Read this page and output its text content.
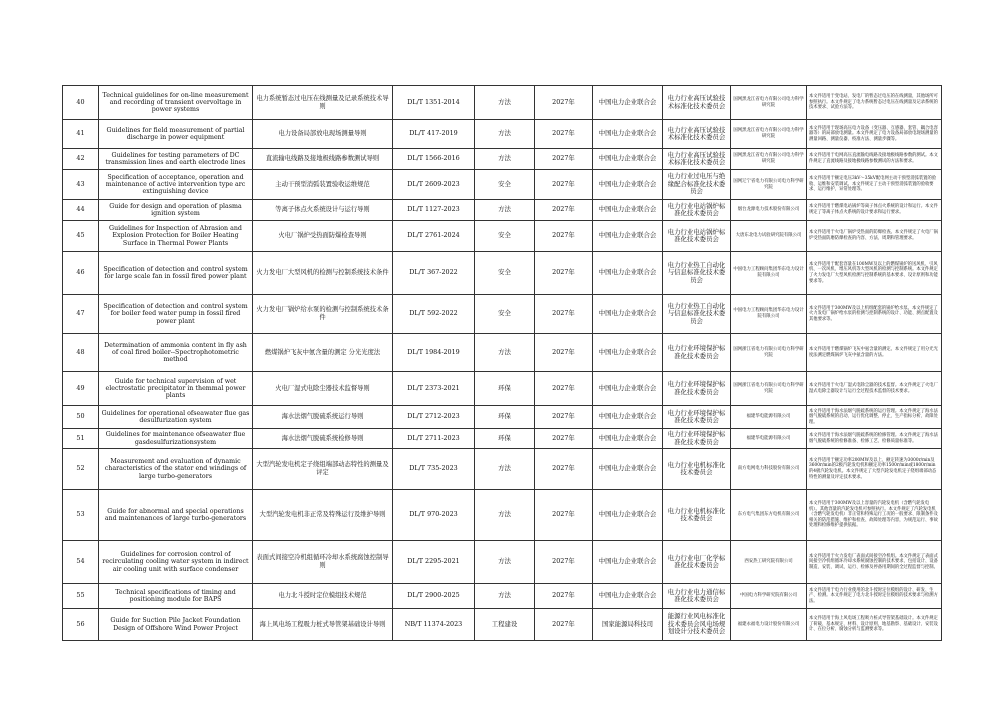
40	Technical guidelines for on-line measurement and recording of transient overvoltage in power systems	电力系统暂态过电压在线测量及记录系统技术导则	DL/T 1351-2014	方法	2027年	中国电力企业联合会	电力行业高压试验技术标准化技术委员会	国网黑龙江省电力有限公司电力科学研究院	本文件适用于变电站、发电厂的暂态过电压的在线测量，其他场所可参照执行。本文件规定了电力系统暂态过电压在线测量及记录系统的技术要求、试验方法等。
41	Guidelines for field measurement of partial discharge in power equipment	电力设备局部放电现场测量导则	DL/T 417-2019	方法	2027年	中国电力企业联合会	电力行业高压试验技术标准化技术委员会	国网黑龙江省电力有限公司电力科学研究院	本文件适用于现场高压电力设备（变压器、互感器、套管、耦合电容器等）的局部放电测量。本文件规定了电力设备局部放电现场测量的测量回路、测量仪器、校准方法、测量步骤等。
42	Guidelines for testing parameters of DC transmission lines and earth electrode lines	直流输电线路及接地极线路参数测试导则	DL/T 1566-2016	方法	2027年	中国电力企业联合会	电力行业高压试验技术标准化技术委员会	国网黑龙江省电力有限公司电力科学研究院	本文件适用于电网高压直流输电线路及接地极线路参数的测试。本文件规定了直流线路及接地极线路参数测试的方法和要求。
43	Specification of acceptance, operation and maintenance of active intervention type arc extinguishing device	主动干预型消弧装置验收运维规范	DL/T 2609-2023	安全	2027年	中国电力企业联合会	电力行业过电压与绝缘配合标准化技术委员会	国网辽宁省电力有限公司电力科学研究院	本文件适用于额定电压3kV～35kV配电网主动干预型消弧装置的验收、运维和安装调试。本文件规定了主动干预型消弧装置的验收要求、运行维护、异常处理等。
44	Guide for design and operation of plasma ignition system	等离子体点火系统设计与运行导则	DL/T 1127-2023	方法	2027年	中国电力企业联合会	电力行业电站锅炉标准化技术委员会	烟台龙源电力技术股份有限公司	本文件适用于燃煤电站锅炉等离子体点火系统的设计和运行。本文件规定了等离子体点火系统的设计要求和运行要求。
45	Guidelines for Inspection of Abrasion and Explosion Protection for Boiler Heating Surface in Thermal Power Plants	火电厂锅炉受热面防爆检查导则	DL/T 2761-2024	安全	2027年	中国电力企业联合会	电力行业电站锅炉标准化技术委员会	大唐东北电力试验研究院有限公司	本文件适用于火电厂锅炉受热面的防爆检查。本文件规定了火电厂锅炉受热面防磨防爆检查的内容、方法、周期和管理要求。
46	Specification of detection and control system for large scale fan in fossil fired power plant	火力发电厂大型风机的检测与控制系统技术条件	DL/T 367-2022	安全	2027年	中国电力企业联合会	电力行业热工自动化与信息标准化技术委员会	中国电力工程顾问集团华东电力设计院有限公司	本文件适用于配套容量在100MW及以上的燃煤锅炉的送风机、引风机、一次风机、增压风机等大型风机的检测与控制系统。本文件规定了火力发电厂大型风机检测与控制系统的基本要求、设计原则和功能要求等。
47	Specification of detection and control system for boiler feed water pump in fossil fired power plant	火力发电厂锅炉给水泵的检测与控制系统技术条件	DL/T 592-2022	安全	2027年	中国电力企业联合会	电力行业热工自动化与信息标准化技术委员会	中国电力工程顾问集团华东电力设计院有限公司	本文件适用于300MW及以上机组配套的锅炉给水泵。本文件规定了火力发电厂锅炉给水泵的检测与控制系统的设计、功能、测点配置及其他要求等。
48	Determination of ammonia content in fly ash of coal fired boiler--Spectrophotometric method	燃煤锅炉飞灰中氨含量的测定 分光光度法	DL/T 1984-2019	方法	2027年	中国电力企业联合会	电力行业环境保护标准化技术委员会	国网浙江省电力有限公司电力科学研究院	本文件适用于燃煤锅炉飞灰中氨含量的测定。本文件规定了用分光光度法测定燃煤锅炉飞灰中氨含量的方法。
49	Guide for technical supervision of wet electrostatic precipitator in themmal power plants	火电厂湿式电除尘器技术监督导则	DL/T 2373-2021	环保	2027年	中国电力企业联合会	电力行业环境保护标准化技术委员会	国网浙江省电力有限公司电力科学研究院	本文件适用于火电厂湿式电除尘器的技术监督。本文件规定了火电厂湿式电除尘器设计与运行全过程技术监督的技术要求。
50	Guidelines for operational ofseawater flue gas desulfurization system	海水法烟气脱硫系统运行导则	DL/T 2712-2023	环保	2027年	中国电力企业联合会	电力行业环境保护标准化技术委员会	福建华电能源有限公司	本文件适用于海水法烟气脱硫系统的运行管理。本文件规定了海水法烟气脱硫系统的启动、运行优化调整、停止、生产指标分析、故障处理。
51	Guidelines for maintenance ofseawater flue gasdesulfurizationsystem	海水法烟气脱硫系统检修导则	DL/T 2711-2023	环保	2027年	中国电力企业联合会	电力行业环境保护标准化技术委员会	福建华电能源有限公司	本文件适用于海水法烟气脱硫系统的检修管理。本文件规定了海水法烟气脱硫系统的检修准备、检修工艺、检修质量标准等。
52	Measurement and evaluation of dynamic characteristics of the stator end windings of large turbo-generators	大型汽轮发电机定子绕组端部动态特性的测量及评定	DL/T 735-2023	方法	2027年	中国电力企业联合会	电力行业电机标准化技术委员会	南方电网电力科技股份有限公司	本文件适用于额定功率200MW及以上、额定转速为3000r/min及3600r/min的2极汽轮发电机和额定功率1500r/min或1800r/min的4极汽轮发电机。本文件规定了大型汽轮发电机定子绕组端部动态特性的测量及评定技术要求。
53	Guide for abnormal and special operations and maintenances of large turbo-generators	大型汽轮发电机非正常及特殊运行及维护导则	DL/T 970-2023	方法	2027年	中国电力企业联合会	电力行业电机标准化技术委员会	东方电气集团东方电机有限公司	本文件适用于300MW及以上容量的汽轮发电机（含燃气轮发电机）。其他容量的汽轮发电机可参照执行。本文件规定了汽轮发电机（含燃气轮发电机）非正常和特殊运行工况的一般要求、限制条件及相关的防范措施、维护和检查、故障处理等内容，为规范运行、事故处理和检修维护提供依据。
54	Guidelines for corrosion control of recirculating cooling water system in indirect air cooling unit with surface condenser	表面式间接空冷机组循环冷却水系统腐蚀控制导则	DL/T 2295-2021	方法	2027年	中国电力企业联合会	电力行业电厂化学标准化技术委员会	西安热工研究院有限公司	本文件适用于火力发电厂表面式间接空冷机组。本文件规定了表面式间接空冷机组循环冷却水系统腐蚀控制的技术要求，包括设计、设备制造、安装、调试、运行、检修及停备用期间的全过程监督与控制。
55	Technical specifications of timing and positioning module for BAPS	电力北斗授时定位模组技术规范	DL/T 2900-2025	方法	2027年	中国电力企业联合会	电力行业电力通信标准化技术委员会	中国电力科学研究院有限公司	本文件适用于电力行业使用的北斗授时定位模组的设计、研发、生产、检测。本文件规定了电力北斗授时定位模组的技术要求与检测方法。
56	Guide for Suction Pile Jacket Foundation Design of Offshore Wind Power Project	海上风电场工程吸力桩式导管架基础设计导则	NB/T 11374-2023	工程建设	2027年	国家能源局科技司	能源行业风电标准化技术委员会风电场规划设计分技术委员会	福建永福电力设计股份有限公司	本文件适用于海上风电场工程吸力桩式导管架基础设计。本文件规定了荷载、基本规定、材料、设计原则、地基勘察、基础设计、安装设计、在位分析、腐蚀分析与监测要求等。
